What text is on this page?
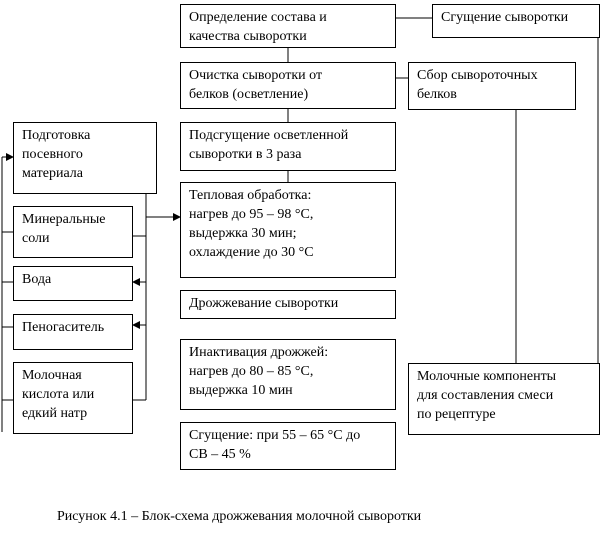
Определение состава и
качества сыворотки
Сгущение сыворотки
Очистка сыворотки от
белков (осветление)
Сбор сывороточных
белков
Подсгущение осветленной
сыворотки в 3 раза
Подготовка
посевного
материала
Тепловая обработка:
нагрев до 95 – 98 °С,
выдержка 30 мин;
охлаждение до 30 °С
Минеральные
соли
Вода
Дрожжевание сыворотки
Пеногаситель
Инактивация дрожжей:
нагрев до 80 – 85 °С,
выдержка 10 мин
Молочные компоненты
для составления смеси
по рецептуре
Молочная
кислота или
едкий натр
Сгущение: при 55 – 65 °С до
СВ – 45 %
Рисунок 4.1 – Блок-схема дрожжевания молочной сыворотки
